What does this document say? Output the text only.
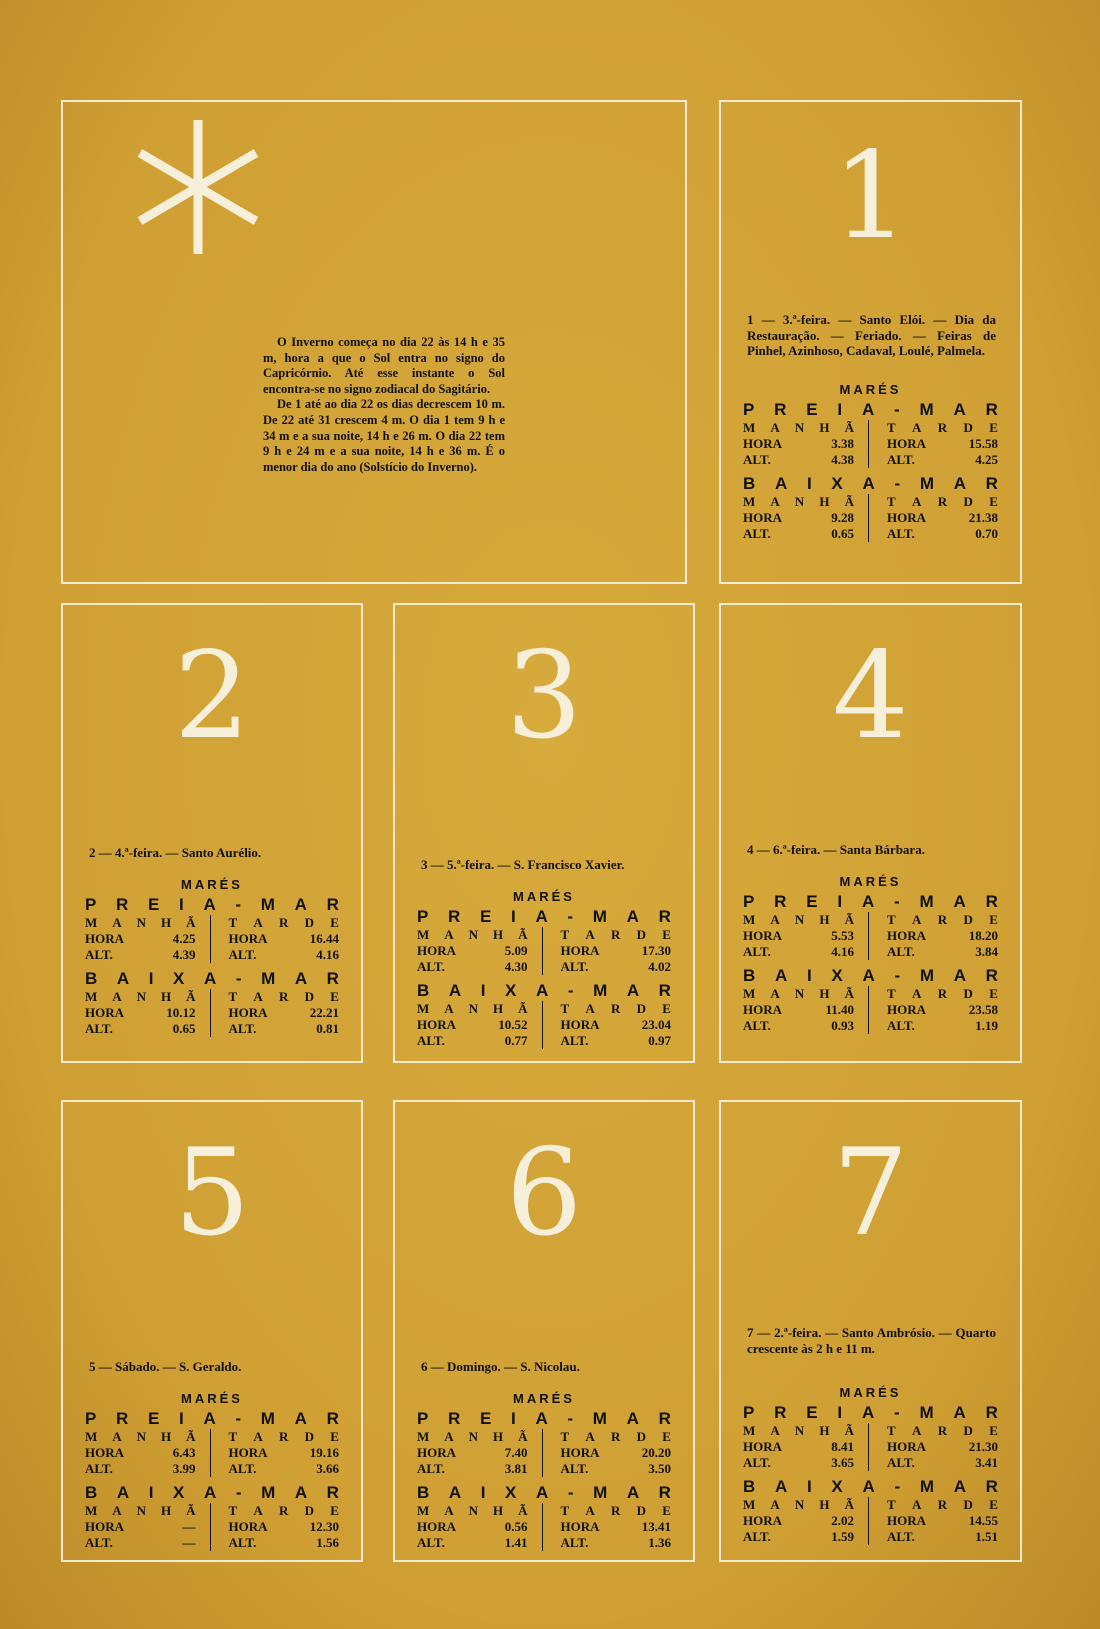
O Inverno começa no dia 22 às 14 h e 35 m, hora a que o Sol entra no signo do Capricórnio. Até esse instante o Sol encontra-se no signo zodiacal do Sagitário.

De 1 até ao dia 22 os dias decrescem 10 m. De 22 até 31 crescem 4 m. O dia 1 tem 9 h e 34 m e a sua noite, 14 h e 26 m. O dia 22 tem 9 h e 24 m e a sua noite, 14 h e 36 m. É o menor dia do ano (Solstício do Inverno).

1
1 — 3.ª-feira. — Santo Elói. — Dia da Restauração. — Feriado. — Feiras de Pinhel, Azinhoso, Cadaval, Loulé, Palmela.
MARÉS
P R E I A - M A R
M A N H Ã
HORA	3.38
ALT.	4.38
T A R D E
HORA	15.58
ALT.	4.25
B A I X A - M A R
M A N H Ã
HORA	9.28
ALT.	0.65
T A R D E
HORA	21.38
ALT.	0.70
2
2 — 4.ª-feira. — Santo Aurélio.
MARÉS
P R E I A - M A R
M A N H Ã
HORA	4.25
ALT.	4.39
T A R D E
HORA	16.44
ALT.	4.16
B A I X A - M A R
M A N H Ã
HORA	10.12
ALT.	0.65
T A R D E
HORA	22.21
ALT.	0.81
3
3 — 5.ª-feira. — S. Francisco Xavier.
MARÉS
P R E I A - M A R
M A N H Ã
HORA	5.09
ALT.	4.30
T A R D E
HORA	17.30
ALT.	4.02
B A I X A - M A R
M A N H Ã
HORA	10.52
ALT.	0.77
T A R D E
HORA	23.04
ALT.	0.97
4
4 — 6.ª-feira. — Santa Bárbara.
MARÉS
P R E I A - M A R
M A N H Ã
HORA	5.53
ALT.	4.16
T A R D E
HORA	18.20
ALT.	3.84
B A I X A - M A R
M A N H Ã
HORA	11.40
ALT.	0.93
T A R D E
HORA	23.58
ALT.	1.19
5
5 — Sábado. — S. Geraldo.
MARÉS
P R E I A - M A R
M A N H Ã
HORA	6.43
ALT.	3.99
T A R D E
HORA	19.16
ALT.	3.66
B A I X A - M A R
M A N H Ã
HORA	—
ALT.	—
T A R D E
HORA	12.30
ALT.	1.56
6
6 — Domingo. — S. Nicolau.
MARÉS
P R E I A - M A R
M A N H Ã
HORA	7.40
ALT.	3.81
T A R D E
HORA	20.20
ALT.	3.50
B A I X A - M A R
M A N H Ã
HORA	0.56
ALT.	1.41
T A R D E
HORA	13.41
ALT.	1.36
7
7 — 2.ª-feira. — Santo Ambrósio. — Quarto crescente às 2 h e 11 m.
MARÉS
P R E I A - M A R
M A N H Ã
HORA	8.41
ALT.	3.65
T A R D E
HORA	21.30
ALT.	3.41
B A I X A - M A R
M A N H Ã
HORA	2.02
ALT.	1.59
T A R D E
HORA	14.55
ALT.	1.51
